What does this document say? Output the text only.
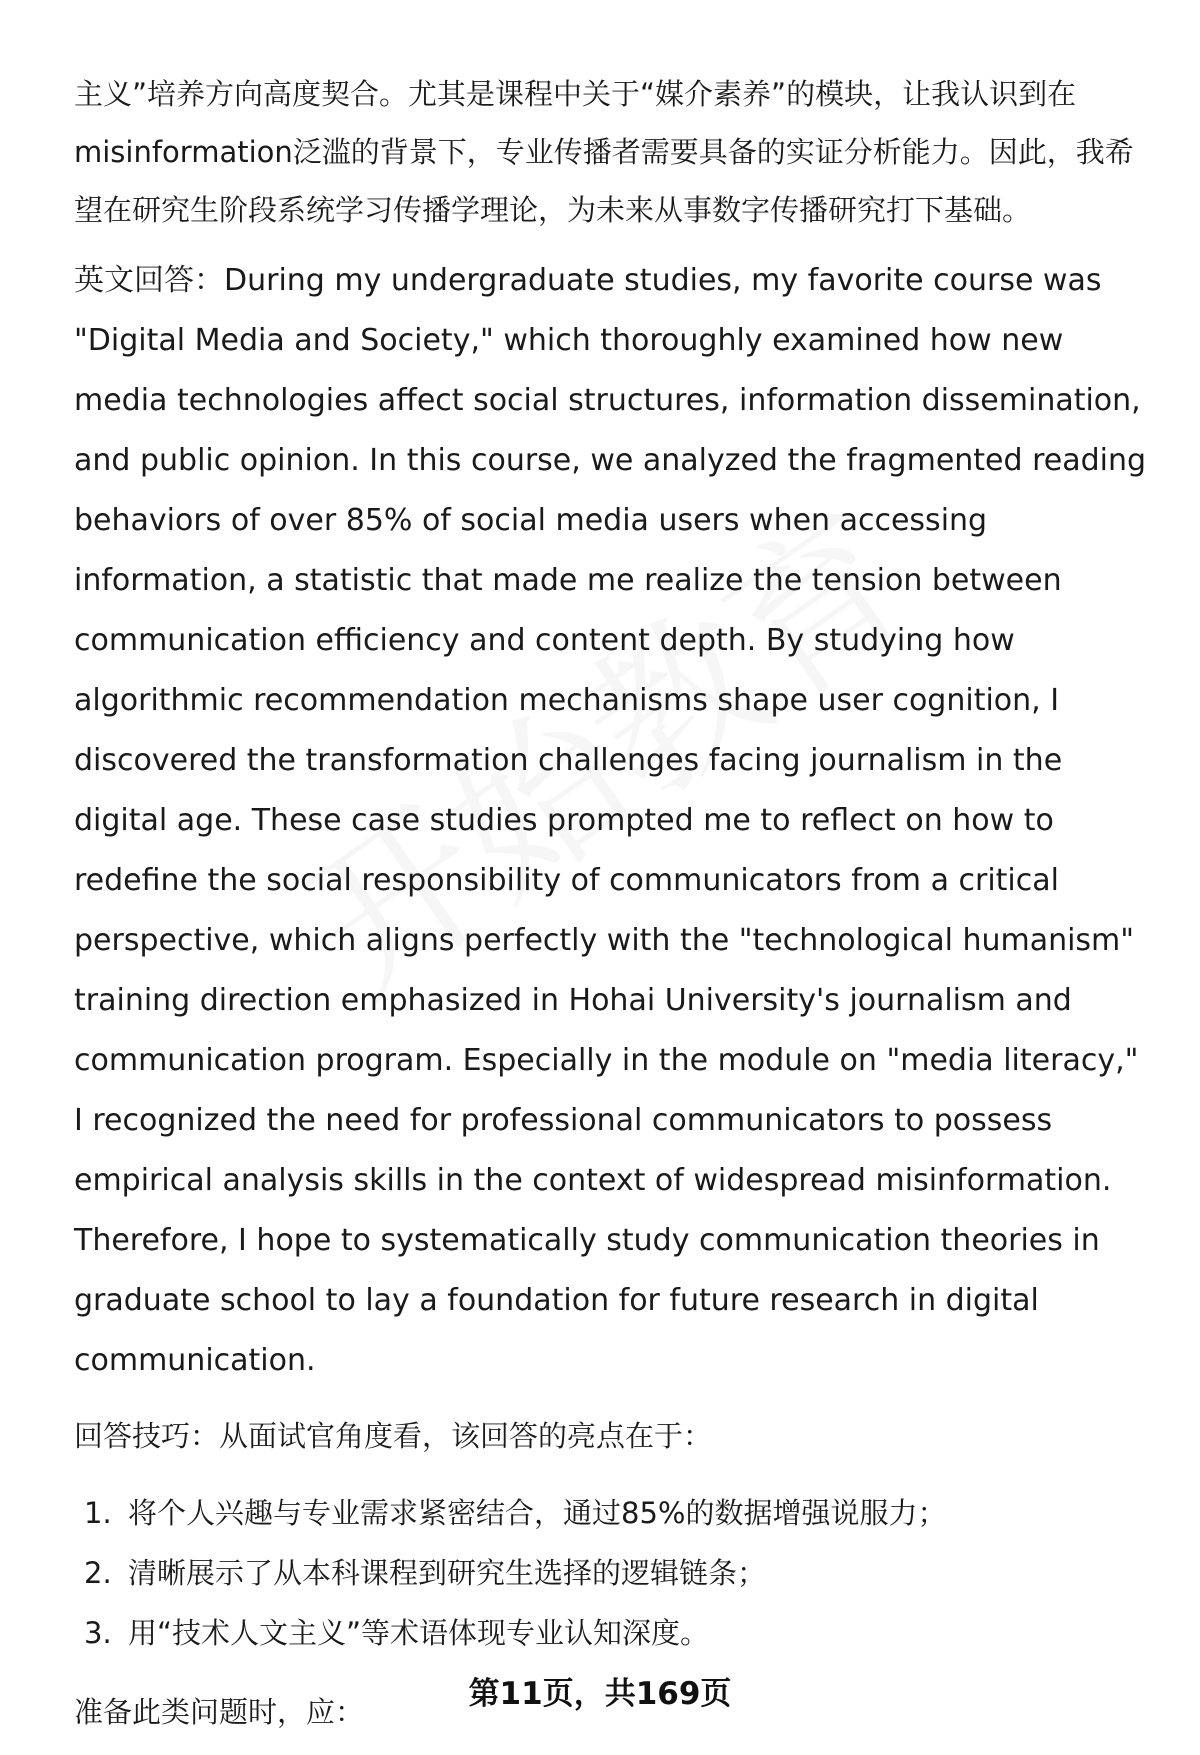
主义”培养方向高度契合。尤其是课程中关于“媒介素养”的模块，让我认识到在misinformation泛滥的背景下，专业传播者需要具备的实证分析能力。因此，我希望在研究生阶段系统学习传播学理论，为未来从事数字传播研究打下基础。

英文回答：During my undergraduate studies, my favorite course was "Digital Media and Society," which thoroughly examined how new media technologies affect social structures, information dissemination, and public opinion. In this course, we analyzed the fragmented reading behaviors of over 85% of social media users when accessing information, a statistic that made me realize the tension between communication efficiency and content depth. By studying how algorithmic recommendation mechanisms shape user cognition, I discovered the transformation challenges facing journalism in the digital age. These case studies prompted me to reflect on how to redefine the social responsibility of communicators from a critical perspective, which aligns perfectly with the "technological humanism" training direction emphasized in Hohai University's journalism and communication program. Especially in the module on "media literacy," I recognized the need for professional communicators to possess empirical analysis skills in the context of widespread misinformation. Therefore, I hope to systematically study communication theories in graduate school to lay a foundation for future research in digital communication.

回答技巧：从面试官角度看，该回答的亮点在于：

1. 将个人兴趣与专业需求紧密结合，通过85%的数据增强说服力；
2. 清晰展示了从本科课程到研究生选择的逻辑链条；
3. 用“技术人文主义”等术语体现专业认知深度。

准备此类问题时，应：	第11页，共169页
